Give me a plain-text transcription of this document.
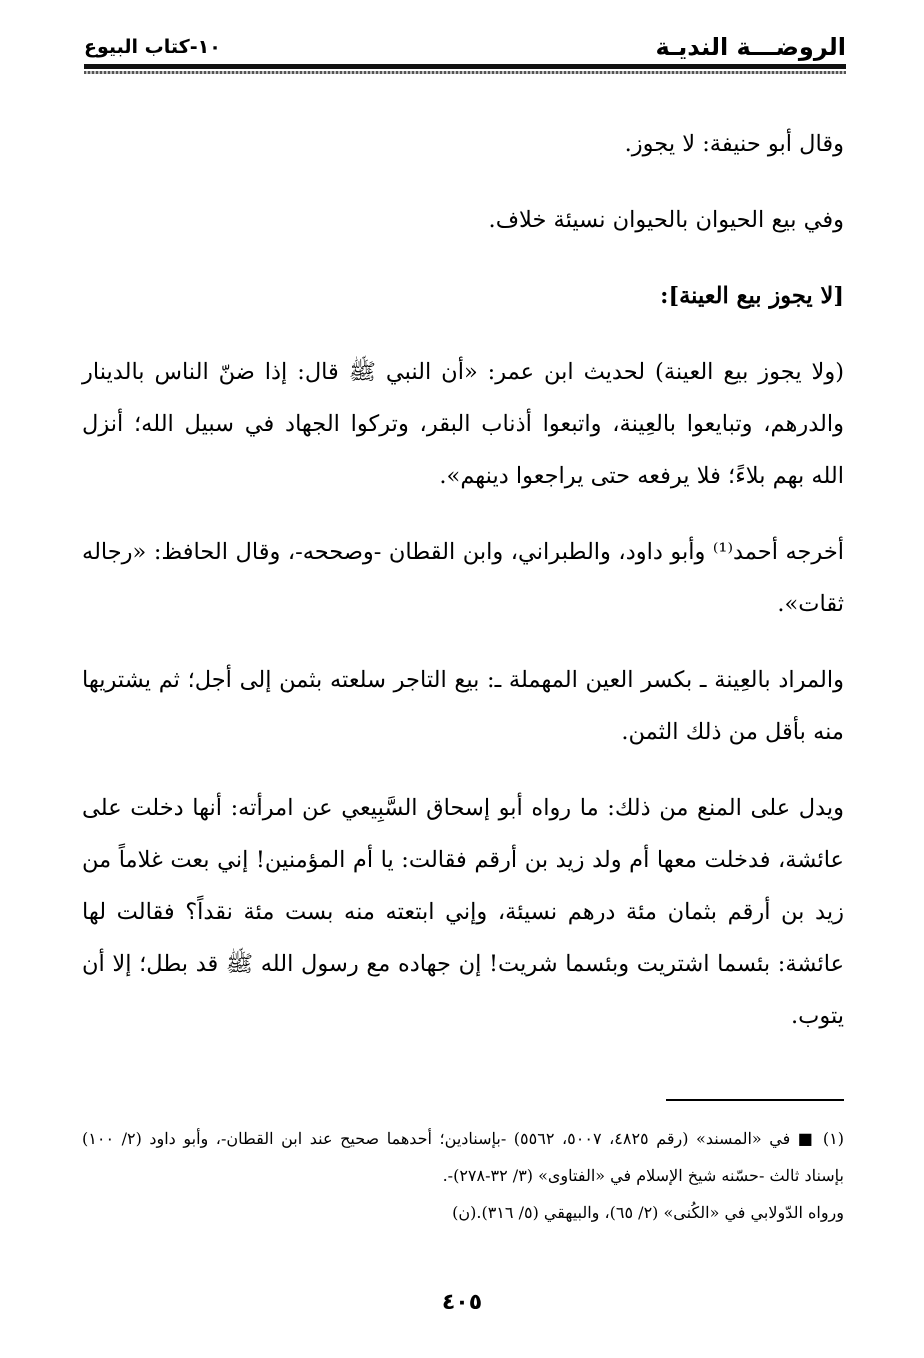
الروضـــة النديـة
١٠-كتاب البيوع

وقال أبو حنيفة: لا يجوز.

وفي بيع الحيوان بالحيوان نسيئة خلاف.

[لا يجوز بيع العينة]:

(ولا يجوز بيع العينة) لحديث ابن عمر: «أن النبي ﷺ قال: إذا ضنّ الناس بالدينار والدرهم، وتبايعوا بالعِينة، واتبعوا أذناب البقر، وتركوا الجهاد في سبيل الله؛ أنزل الله بهم بلاءً؛ فلا يرفعه حتى يراجعوا دينهم».

أخرجه أحمد⁽¹⁾ وأبو داود، والطبراني، وابن القطان -وصححه-، وقال الحافظ: «رجاله ثقات».

والمراد بالعِينة ـ بكسر العين المهملة ـ: بيع التاجر سلعته بثمن إلى أجل؛ ثم يشتريها منه بأقل من ذلك الثمن.

ويدل على المنع من ذلك: ما رواه أبو إسحاق السَّبِيعي عن امرأته: أنها دخلت على عائشة، فدخلت معها أم ولد زيد بن أرقم فقالت: يا أم المؤمنين! إني بعت غلاماً من زيد بن أرقم بثمان مئة درهم نسيئة، وإني ابتعته منه بست مئة نقداً؟ فقالت لها عائشة: بئسما اشتريت وبئسما شريت! إن جهاده مع رسول الله ﷺ قد بطل؛ إلا أن يتوب.

(١) ■ في «المسند» (رقم ٤٨٢٥، ٥٠٠٧، ٥٥٦٢) -بإسنادين؛ أحدهما صحيح عند ابن القطان-، وأبو داود (٢/ ١٠٠) بإسناد ثالث -حسّنه شيخ الإسلام في «الفتاوى» (٣/ ٣٢-٢٧٨)-.

ورواه الدّولابي في «الكُنى» (٢/ ٦٥)، والبيهقي (٥/ ٣١٦).(ن)

٤٠٥
